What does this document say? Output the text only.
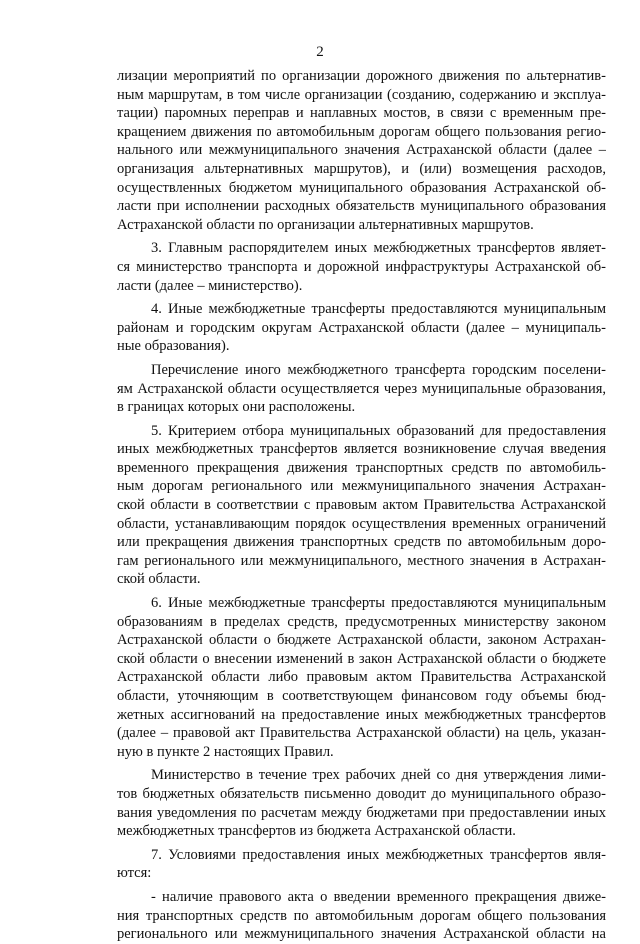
2
лизации мероприятий по организации дорожного движения по альтернатив-
ным маршрутам, в том числе организации (созданию, содержанию и эксплуа-
тации) паромных переправ и наплавных мостов, в связи с временным пре-
кращением движения по автомобильным дорогам общего пользования регио-
нального или межмуниципального значения Астраханской области (далее –
организация альтернативных маршрутов), и (или) возмещения расходов,
осуществленных бюджетом муниципального образования Астраханской об-
ласти при исполнении расходных обязательств муниципального образования
Астраханской области по организации альтернативных маршрутов.
3. Главным распорядителем иных межбюджетных трансфертов являет-
ся министерство транспорта и дорожной инфраструктуры Астраханской об-
ласти (далее – министерство).
4. Иные межбюджетные трансферты предоставляются муниципальным
районам и городским округам Астраханской области (далее – муниципаль-
ные образования).
Перечисление иного межбюджетного трансферта городским поселени-
ям Астраханской области осуществляется через муниципальные образования,
в границах которых они расположены.
5. Критерием отбора муниципальных образований для предоставления
иных межбюджетных трансфертов является возникновение случая введения
временного прекращения движения транспортных средств по автомобиль-
ным дорогам регионального или межмуниципального значения Астрахан-
ской области в соответствии с правовым актом Правительства Астраханской
области, устанавливающим порядок осуществления временных ограничений
или прекращения движения транспортных средств по автомобильным доро-
гам регионального или межмуниципального, местного значения в Астрахан-
ской области.
6. Иные межбюджетные трансферты предоставляются муниципальным
образованиям в пределах средств, предусмотренных министерству законом
Астраханской области о бюджете Астраханской области, законом Астрахан-
ской области о внесении изменений в закон Астраханской области о бюджете
Астраханской области либо правовым актом Правительства Астраханской
области, уточняющим в соответствующем финансовом году объемы бюд-
жетных ассигнований на предоставление иных межбюджетных трансфертов
(далее – правовой акт Правительства Астраханской области) на цель, указан-
ную в пункте 2 настоящих Правил.
Министерство в течение трех рабочих дней со дня утверждения лими-
тов бюджетных обязательств письменно доводит до муниципального образо-
вания уведомления по расчетам между бюджетами при предоставлении иных
межбюджетных трансфертов из бюджета Астраханской области.
7. Условиями предоставления иных межбюджетных трансфертов явля-
ются:
- наличие правового акта о введении временного прекращения движе-
ния транспортных средств по автомобильным дорогам общего пользования
регионального или межмуниципального значения Астраханской области на
